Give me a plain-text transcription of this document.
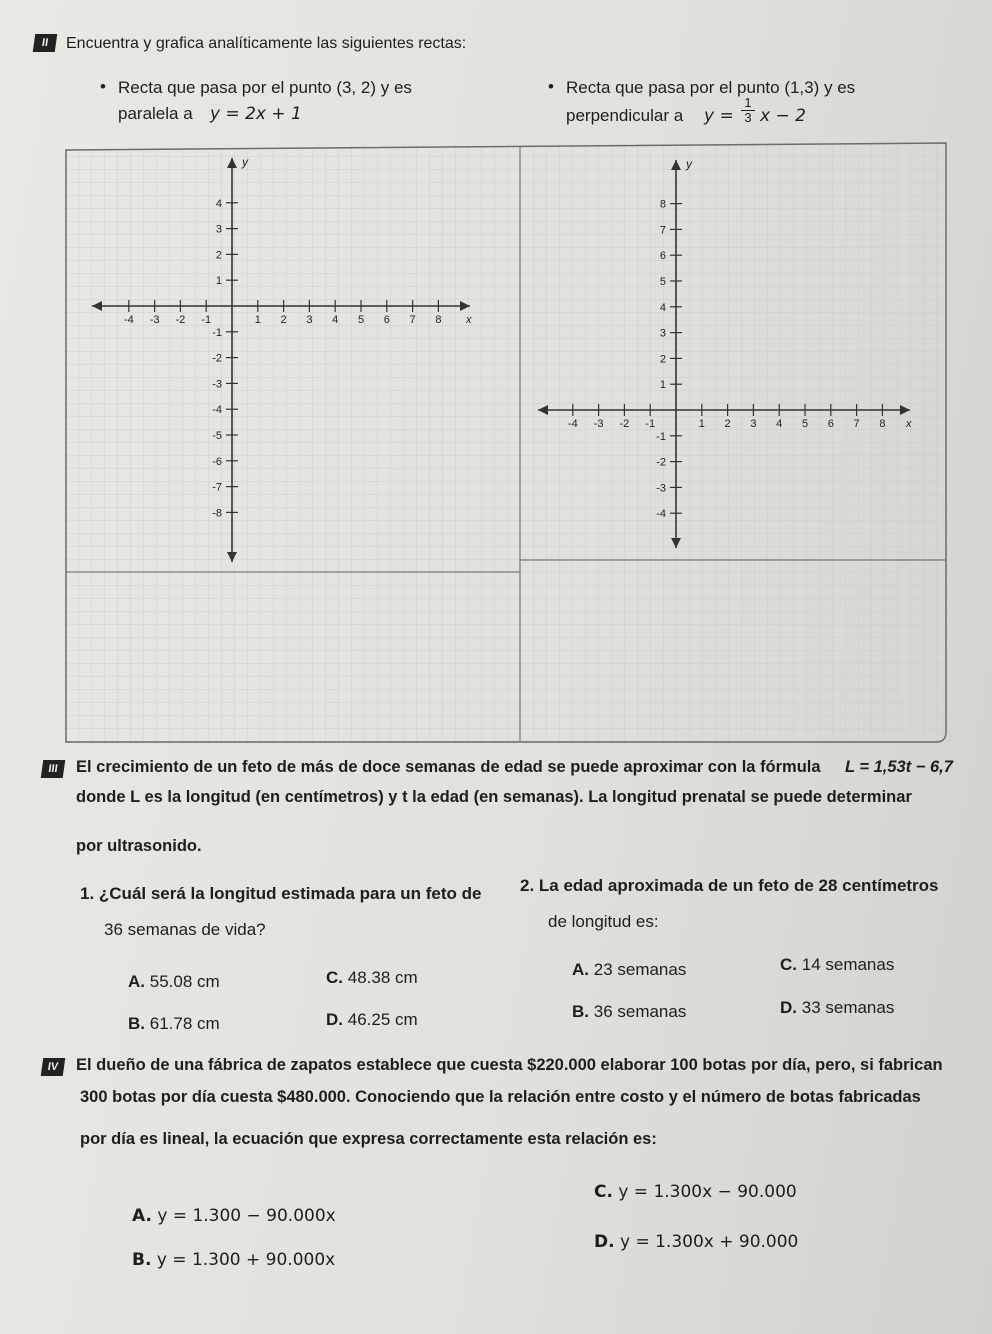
II	Encuentra y grafica analíticamente las siguientes rectas:
• Recta que pasa por el punto (3, 2) y es
paralela a y = 2x + 1
• Recta que pasa por el punto (1,3) y es
perpendicular a $y = \frac{1}{3}$ x − 2
-4 -3 -2 -1	1 2 3 4 5 6 7 8
4
3
2
1
-1
-2
-3
-4
-5
-6
-7
-8
x
y
-4 -3 -2 -1	1 2 3 4 5 6 7 8
8
7
6
5
4
3
2
1
-1
-2
-3
-4
x
y
III	El crecimiento de un feto de más de doce semanas de edad se puede aproximar con la fórmula L = 1,53t − 6,7
donde L es la longitud (en centímetros) y t la edad (en semanas). La longitud prenatal se puede determinar
por ultrasonido.
1. ¿Cuál será la longitud estimada para un feto de
36 semanas de vida?
A. 55.08 cm	C. 48.38 cm
B. 61.78 cm	D. 46.25 cm
2. La edad aproximada de un feto de 28 centímetros
de longitud es:
A. 23 semanas	C. 14 semanas
B. 36 semanas	D. 33 semanas
IV	El dueño de una fábrica de zapatos establece que cuesta $220.000 elaborar 100 botas por día, pero, si fabrican
300 botas por día cuesta $480.000. Conociendo que la relación entre costo y el número de botas fabricadas
por día es lineal, la ecuación que expresa correctamente esta relación es:
A. y = 1.300 − 90.000x
C. y = 1.300x − 90.000
B. y = 1.300 + 90.000x
D. y = 1.300x + 90.000
